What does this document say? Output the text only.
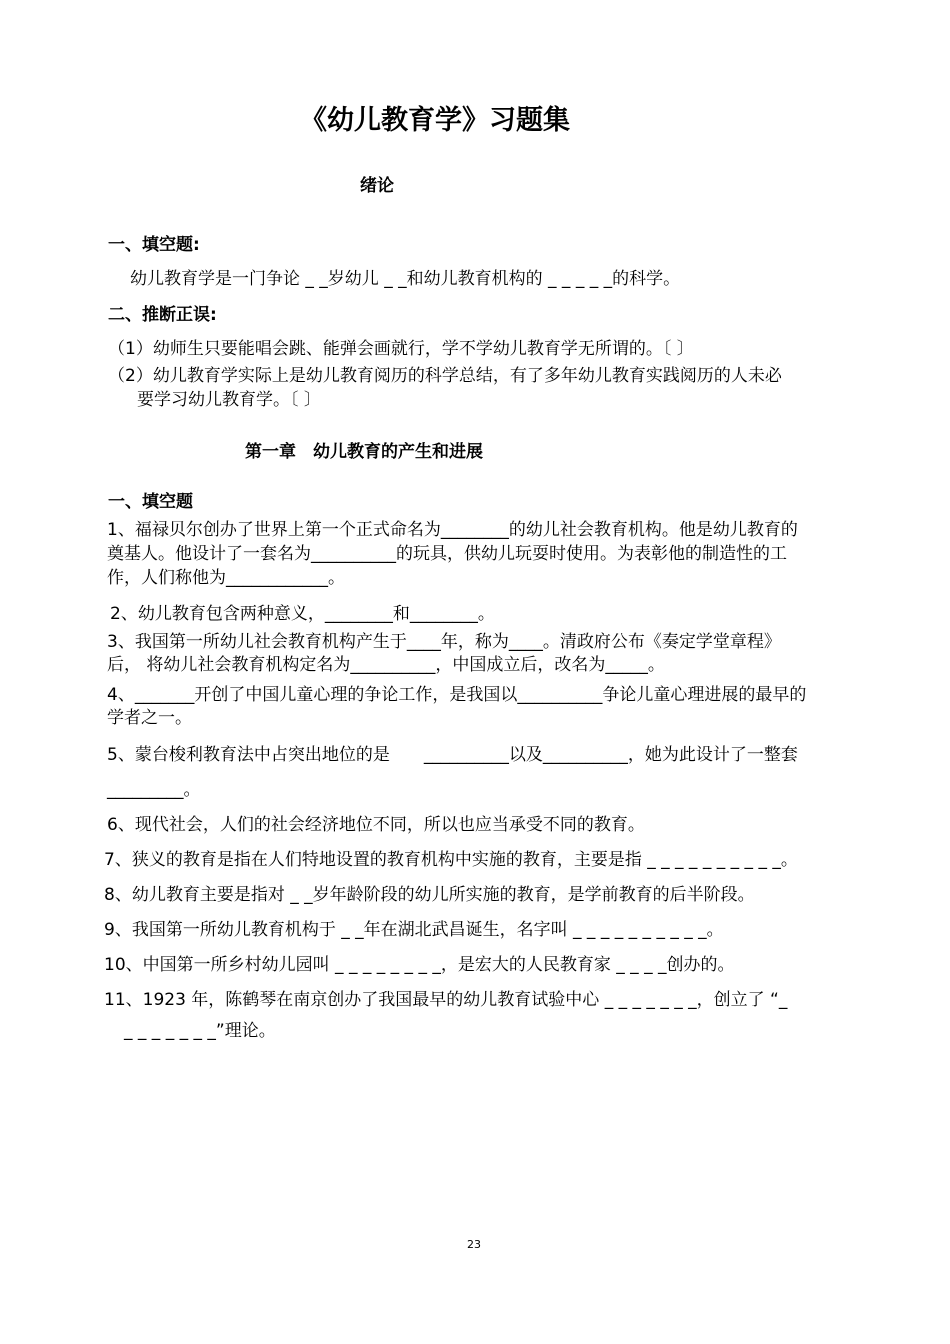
《幼儿教育学》习题集
绪论
一、填空题:
幼儿教育学是一门争论 _ _岁幼儿 _ _和幼儿教育机构的 _ _ _ _ _的科学。
二、推断正误:
（1）幼师生只要能唱会跳、能弹会画就行，学不学幼儿教育学无所谓的。〔 〕
（2）幼儿教育学实际上是幼儿教育阅历的科学总结，有了多年幼儿教育实践阅历的人未必
要学习幼儿教育学。〔 〕
第一章　幼儿教育的产生和进展
一、填空题
1、福禄贝尔创办了世界上第一个正式命名为________的幼儿社会教育机构。他是幼儿教育的
奠基人。他设计了一套名为__________的玩具，供幼儿玩耍时使用。为表彰他的制造性的工
作，人们称他为____________。
2、幼儿教育包含两种意义，________和________。
3、我国第一所幼儿社会教育机构产生于____年，称为____。清政府公布《奏定学堂章程》
后， 将幼儿社会教育机构定名为__________，中国成立后，改名为_____。
4、_______开创了中国儿童心理的争论工作，是我国以__________争论儿童心理进展的最早的
学者之一。
5、蒙台梭利教育法中占突出地位的是　　__________以及__________，她为此设计了一整套
_________。
6、现代社会，人们的社会经济地位不同，所以也应当承受不同的教育。
7、狭义的教育是指在人们特地设置的教育机构中实施的教育，主要是指 _ _ _ _ _ _ _ _ _ _。
8、幼儿教育主要是指对 _ _岁年龄阶段的幼儿所实施的教育，是学前教育的后半阶段。
9、我国第一所幼儿教育机构于 _ _年在湖北武昌诞生，名字叫 _ _ _ _ _ _ _ _ _ _。
10、中国第一所乡村幼儿园叫 _ _ _ _ _ _ _ _，是宏大的人民教育家 _ _ _ _创办的。
11、1923 年，陈鹤琴在南京创办了我国最早的幼儿教育试验中心 _ _ _ _ _ _ _，创立了 “_
_ _ _ _ _ _ _”理论。
23
